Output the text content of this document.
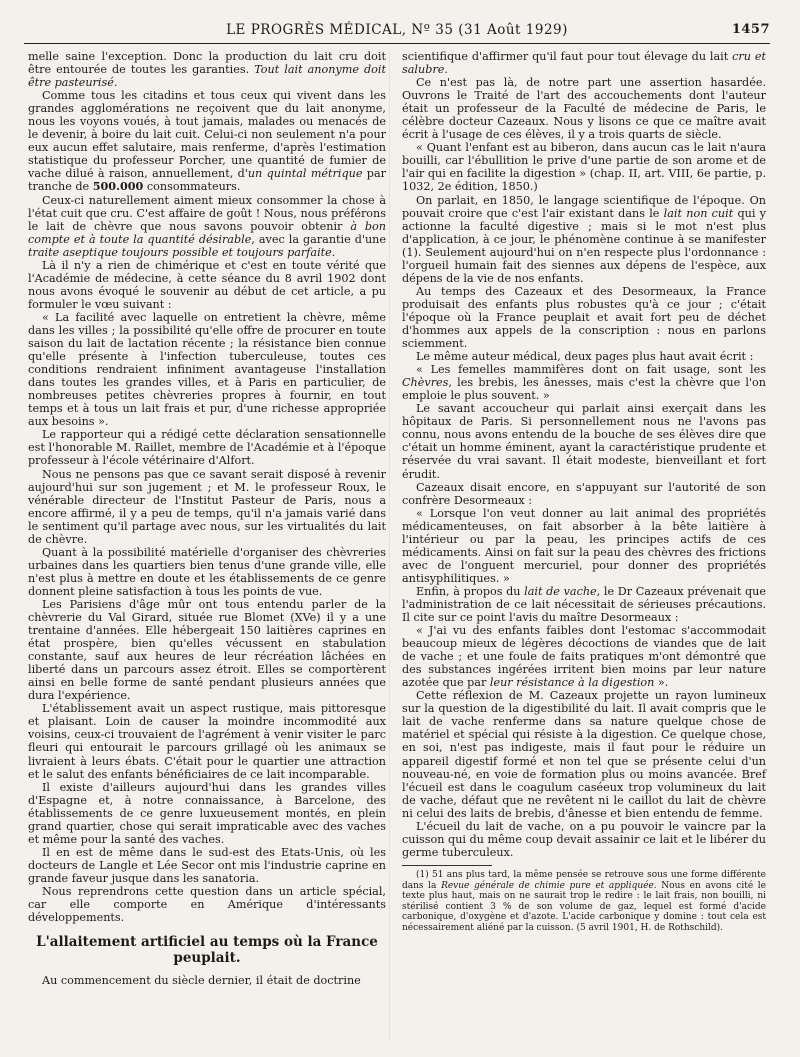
LE PROGRÈS MÉDICAL, Nº 35 (31 Août 1929)	1457

melle saine l'exception. Donc la production du lait cru doit être entourée de toutes les garanties. Tout lait anonyme doit être pasteurisé.

Comme tous les citadins et tous ceux qui vivent dans les grandes agglomérations ne reçoivent que du lait anonyme, nous les voyons voués, à tout jamais, malades ou menacés de le devenir, à boire du lait cuit. Celui-ci non seulement n'a pour eux aucun effet salutaire, mais renferme, d'après l'estimation statistique du professeur Porcher, une quantité de fumier de vache dilué à raison, annuellement, d'un quintal métrique par tranche de 500.000 consommateurs.

Ceux-ci naturellement aiment mieux consommer la chose à l'état cuit que cru. C'est affaire de goût ! Nous, nous préférons le lait de chèvre que nous savons pouvoir obtenir à bon compte et à toute la quantité désirable, avec la garantie d'une traite aseptique toujours possible et toujours parfaite.

Là il n'y a rien de chimérique et c'est en toute vérité que l'Académie de médecine, à cette séance du 8 avril 1902 dont nous avons évoqué le souvenir au début de cet article, a pu formuler le vœu suivant :

« La facilité avec laquelle on entretient la chèvre, même dans les villes ; la possibilité qu'elle offre de procurer en toute saison du lait de lactation récente ; la résistance bien connue qu'elle présente à l'infection tuberculeuse, toutes ces conditions rendraient infiniment avantageuse l'installation dans toutes les grandes villes, et à Paris en particulier, de nombreuses petites chèvreries propres à fournir, en tout temps et à tous un lait frais et pur, d'une richesse appropriée aux besoins ».

Le rapporteur qui a rédigé cette déclaration sensationnelle est l'honorable M. Raillet, membre de l'Académie et à l'époque professeur à l'école vétérinaire d'Alfort.

Nous ne pensons pas que ce savant serait disposé à revenir aujourd'hui sur son jugement ; et M. le professeur Roux, le vénérable directeur de l'Institut Pasteur de Paris, nous a encore affirmé, il y a peu de temps, qu'il n'a jamais varié dans le sentiment qu'il partage avec nous, sur les virtualités du lait de chèvre.

Quant à la possibilité matérielle d'organiser des chèvreries urbaines dans les quartiers bien tenus d'une grande ville, elle n'est plus à mettre en doute et les établissements de ce genre donnent pleine satisfaction à tous les points de vue.

Les Parisiens d'âge mûr ont tous entendu parler de la chèvrerie du Val Girard, située rue Blomet (XVe) il y a une trentaine d'années. Elle hébergeait 150 laitières caprines en état prospère, bien qu'elles vécussent en stabulation constante, sauf aux heures de leur récréation lâchées en liberté dans un parcours assez étroit. Elles se comportèrent ainsi en belle forme de santé pendant plusieurs années que dura l'expérience.

L'établissement avait un aspect rustique, mais pittoresque et plaisant. Loin de causer la moindre incommodité aux voisins, ceux-ci trouvaient de l'agrément à venir visiter le parc fleuri qui entourait le parcours grillagé où les animaux se livraient à leurs ébats. C'était pour le quartier une attraction et le salut des enfants bénéficiaires de ce lait incomparable.

Il existe d'ailleurs aujourd'hui dans les grandes villes d'Espagne et, à notre connaissance, à Barcelone, des établissements de ce genre luxueusement montés, en plein grand quartier, chose qui serait impraticable avec des vaches et même pour la santé des vaches.

Il en est de même dans le sud-est des Etats-Unis, où les docteurs de Langle et Lée Secor ont mis l'industrie caprine en grande faveur jusque dans les sanatoria.

Nous reprendrons cette question dans un article spécial, car elle comporte en Amérique d'intéressants développements.

L'allaitement artificiel au temps où la France peuplait.

Au commencement du siècle dernier, il était de doctrine

scientifique d'affirmer qu'il faut pour tout élevage du lait cru et salubre.

Ce n'est pas là, de notre part une assertion hasardée. Ouvrons le Traité de l'art des accouchements dont l'auteur était un professeur de la Faculté de médecine de Paris, le célèbre docteur Cazeaux. Nous y lisons ce que ce maître avait écrit à l'usage de ces élèves, il y a trois quarts de siècle.

« Quant l'enfant est au biberon, dans aucun cas le lait n'aura bouilli, car l'ébullition le prive d'une partie de son arome et de l'air qui en facilite la digestion » (chap. II, art. VIII, 6e partie, p. 1032, 2e édition, 1850.)

On parlait, en 1850, le langage scientifique de l'époque. On pouvait croire que c'est l'air existant dans le lait non cuit qui y actionne la faculté digestive ; mais si le mot n'est plus d'application, à ce jour, le phénomène continue à se manifester (1). Seulement aujourd'hui on n'en respecte plus l'ordonnance : l'orgueil humain fait des siennes aux dépens de l'espèce, aux dépens de la vie de nos enfants.

Au temps des Cazeaux et des Desormeaux, la France produisait des enfants plus robustes qu'à ce jour ; c'était l'époque où la France peuplait et avait fort peu de déchet d'hommes aux appels de la conscription : nous en parlons sciemment.

Le même auteur médical, deux pages plus haut avait écrit :

« Les femelles mammifères dont on fait usage, sont les Chèvres, les brebis, les ânesses, mais c'est la chèvre que l'on emploie le plus souvent. »

Le savant accoucheur qui parlait ainsi exerçait dans les hôpitaux de Paris. Si personnellement nous ne l'avons pas connu, nous avons entendu de la bouche de ses élèves dire que c'était un homme éminent, ayant la caractéristique prudente et réservée du vrai savant. Il était modeste, bienveillant et fort érudit.

Cazeaux disait encore, en s'appuyant sur l'autorité de son confrère Desormeaux :

« Lorsque l'on veut donner au lait animal des propriétés médicamenteuses, on fait absorber à la bête laitière à l'intérieur ou par la peau, les principes actifs de ces médicaments. Ainsi on fait sur la peau des chèvres des frictions avec de l'onguent mercuriel, pour donner des propriétés antisyphilitiques. »

Enfin, à propos du lait de vache, le Dr Cazeaux prévenait que l'administration de ce lait nécessitait de sérieuses précautions. Il cite sur ce point l'avis du maître Desormeaux :

« J'ai vu des enfants faibles dont l'estomac s'accommodait beaucoup mieux de légères décoctions de viandes que de lait de vache ; et une foule de faits pratiques m'ont démontré que des substances ingérées irritent bien moins par leur nature azotée que par leur résistance à la digestion ».

Cette réflexion de M. Cazeaux projette un rayon lumineux sur la question de la digestibilité du lait. Il avait compris que le lait de vache renferme dans sa nature quelque chose de matériel et spécial qui résiste à la digestion. Ce quelque chose, en soi, n'est pas indigeste, mais il faut pour le réduire un appareil digestif formé et non tel que se présente celui d'un nouveau-né, en voie de formation plus ou moins avancée. Bref l'écueil est dans le coagulum caséeux trop volumineux du lait de vache, défaut que ne revêtent ni le caillot du lait de chèvre ni celui des laits de brebis, d'ânesse et bien entendu de femme.

L'écueil du lait de vache, on a pu pouvoir le vaincre par la cuisson qui du même coup devait assainir ce lait et le libérer du germe tuberculeux.

(1) 51 ans plus tard, la même pensée se retrouve sous une forme différente dans la Revue générale de chimie pure et appliquée. Nous en avons cité le texte plus haut, mais on ne saurait trop le redire : le lait frais, non bouilli, ni stérilisé contient 3 % de son volume de gaz, lequel est formé d'acide carbonique, d'oxygène et d'azote. L'acide carbonique y domine : tout cela est nécessairement aliéné par la cuisson. (5 avril 1901, H. de Rothschild).
